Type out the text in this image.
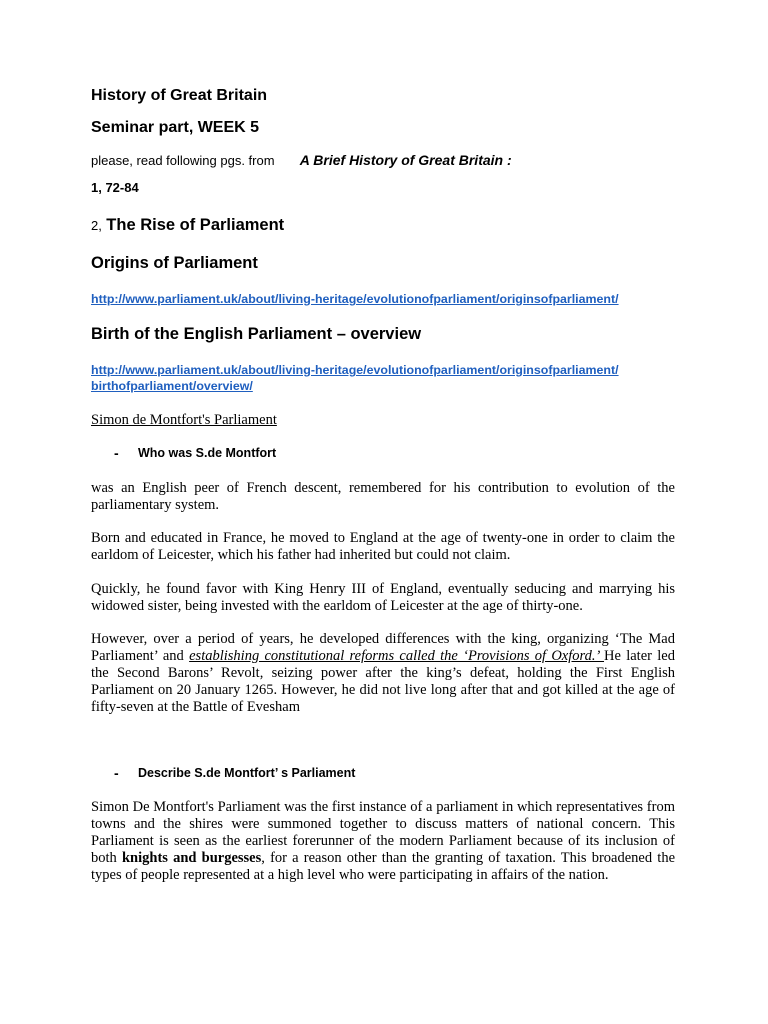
History of Great Britain
Seminar part, WEEK 5
please, read following pgs. from A Brief History of Great Britain :
1, 72-84
2, The Rise of Parliament
Origins of Parliament
http://www.parliament.uk/about/living-heritage/evolutionofparliament/originsofparliament/
Birth of the English Parliament – overview
http://www.parliament.uk/about/living-heritage/evolutionofparliament/originsofparliament/
birthofparliament/overview/
Simon de Montfort's Parliament
- Who was S.de Montfort
was an English peer of French descent, remembered for his contribution to evolution of the parliamentary system.
Born and educated in France, he moved to England at the age of twenty-one in order to claim the earldom of Leicester, which his father had inherited but could not claim.
Quickly, he found favor with King Henry III of England, eventually seducing and marrying his widowed sister, being invested with the earldom of Leicester at the age of thirty-one.
However, over a period of years, he developed differences with the king, organizing ‘The Mad Parliament’ and establishing constitutional reforms called the ‘Provisions of Oxford.’ He later led the Second Barons’ Revolt, seizing power after the king’s defeat, holding the First English Parliament on 20 January 1265. However, he did not live long after that and got killed at the age of fifty-seven at the Battle of Evesham
- Describe S.de Montfort’ s Parliament
Simon De Montfort's Parliament was the first instance of a parliament in which representatives from towns and the shires were summoned together to discuss matters of national concern. This Parliament is seen as the earliest forerunner of the modern Parliament because of its inclusion of both knights and burgesses, for a reason other than the granting of taxation. This broadened the types of people represented at a high level who were participating in affairs of the nation.
